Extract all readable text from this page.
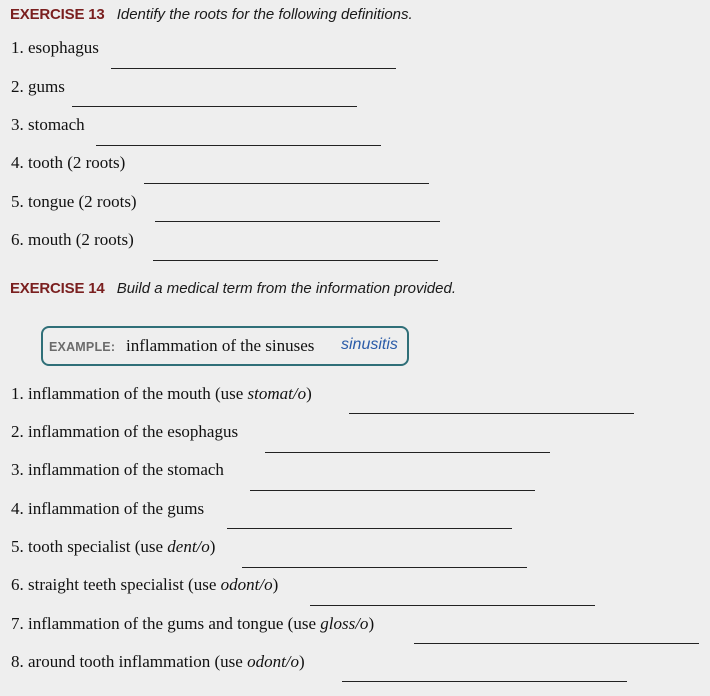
EXERCISE 13 Identify the roots for the following definitions.
1. esophagus
2. gums
3. stomach
4. tooth (2 roots)
5. tongue (2 roots)
6. mouth (2 roots)
EXERCISE 14 Build a medical term from the information provided.
EXAMPLE: inflammation of the sinuses sinusitis
1. inflammation of the mouth (use stomat/o)
2. inflammation of the esophagus
3. inflammation of the stomach
4. inflammation of the gums
5. tooth specialist (use dent/o)
6. straight teeth specialist (use odont/o)
7. inflammation of the gums and tongue (use gloss/o)
8. around tooth inflammation (use odont/o)
